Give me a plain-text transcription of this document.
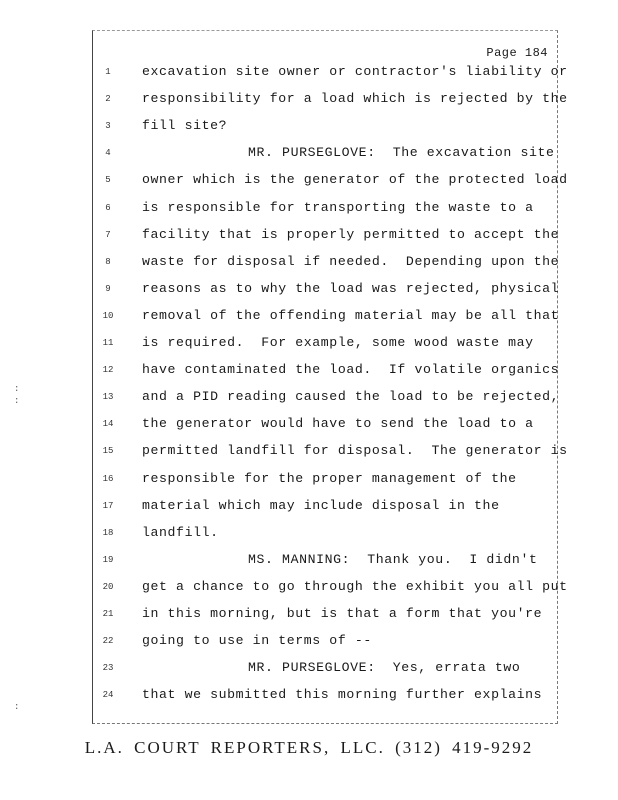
Page 184
1	excavation site owner or contractor's liability or
2	responsibility for a load which is rejected by the
3	fill site?
4	MR. PURSEGLOVE:  The excavation site
5	owner which is the generator of the protected load
6	is responsible for transporting the waste to a
7	facility that is properly permitted to accept the
8	waste for disposal if needed.  Depending upon the
9	reasons as to why the load was rejected, physical
10	removal of the offending material may be all that
11	is required.  For example, some wood waste may
12	have contaminated the load.  If volatile organics
13	and a PID reading caused the load to be rejected,
14	the generator would have to send the load to a
15	permitted landfill for disposal.  The generator is
16	responsible for the proper management of the
17	material which may include disposal in the
18	landfill.
19	MS. MANNING:  Thank you.  I didn't
20	get a chance to go through the exhibit you all put
21	in this morning, but is that a form that you're
22	going to use in terms of --
23	MR. PURSEGLOVE:  Yes, errata two
24	that we submitted this morning further explains
:
:
:
L.A. COURT REPORTERS, LLC. (312) 419-9292
